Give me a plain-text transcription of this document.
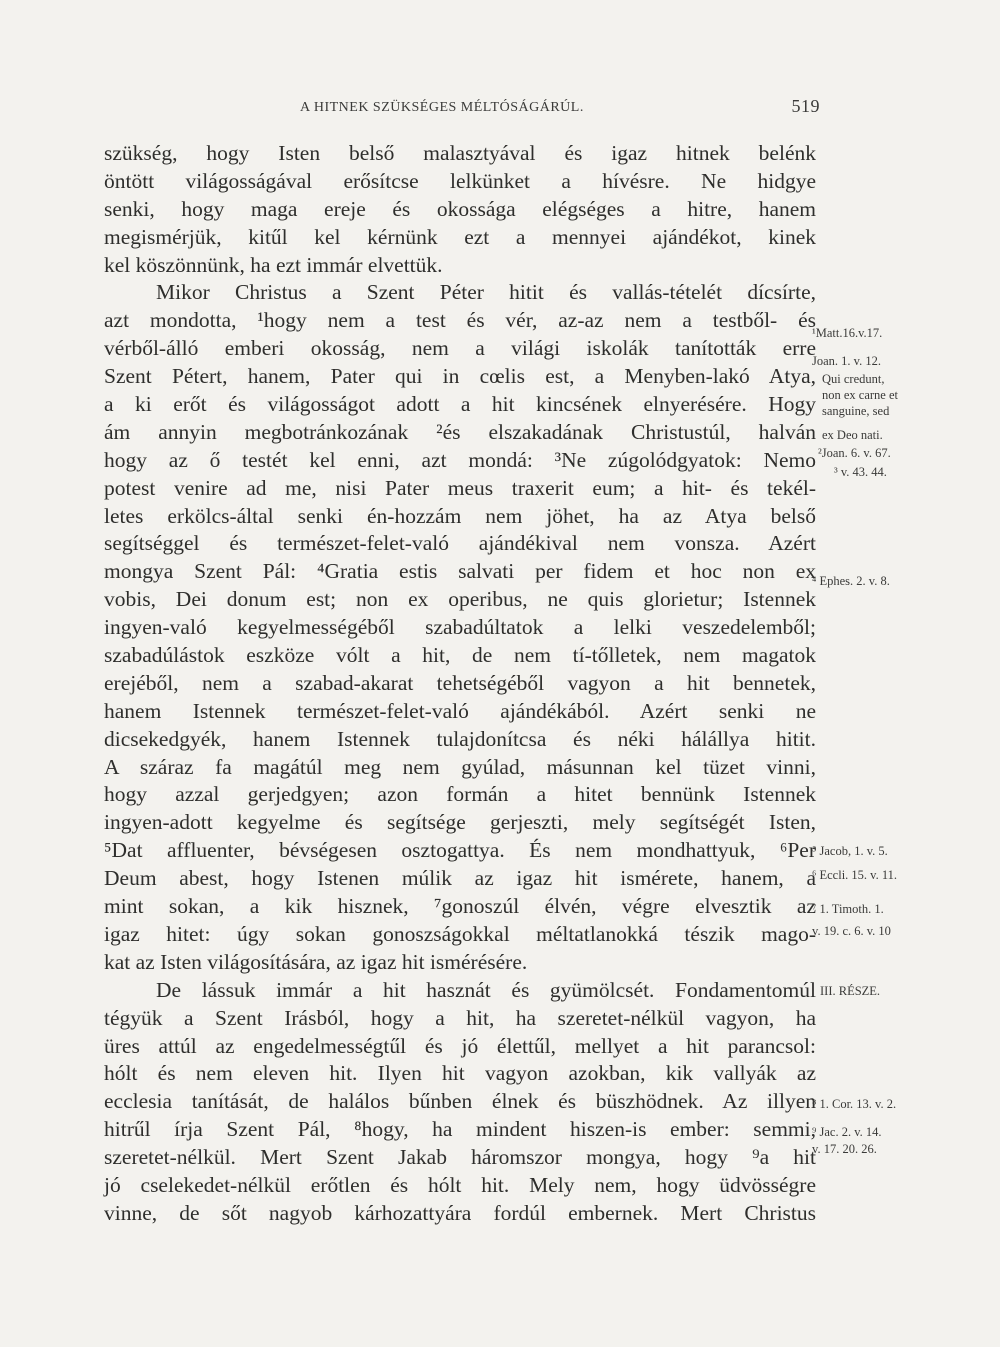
A HITNEK SZÜKSÉGES MÉLTÓSÁGÁRÚL.	519
szükség, hogy Isten belső malasztyával és igaz hitnek belénk
öntött világosságával erősítcse lelkünket a hívésre. Ne hidgye
senki, hogy maga ereje és okossága elégséges a hitre, hanem
megismérjük, kitűl kel kérnünk ezt a mennyei ajándékot, kinek
kel köszönnünk, ha ezt immár elvettük.
Mikor Christus a Szent Péter hitit és vallás-tételét dícsírte,
azt mondotta, ¹hogy nem a test és vér, az-az nem a testből- és
vérből-álló emberi okosság, nem a világi iskolák tanították erre
Szent Pétert, hanem, Pater qui in cœlis est, a Menyben-lakó Atya,
a ki erőt és világosságot adott a hit kincsének elnyerésére. Hogy
ám annyin megbotránkozának ²és elszakadának Christustúl, halván
hogy az ő testét kel enni, azt mondá: ³Ne zúgolódgyatok: Nemo
potest venire ad me, nisi Pater meus traxerit eum; a hit- és tekél-
letes erkölcs-által senki én-hozzám nem jöhet, ha az Atya belső
segítséggel és természet-felet-való ajándékival nem vonsza. Azért
mongya Szent Pál: ⁴Gratia estis salvati per fidem et hoc non ex
vobis, Dei donum est; non ex operibus, ne quis glorietur; Istennek
ingyen-való kegyelmességéből szabadúltatok a lelki veszedelemből;
szabadúlástok eszköze vólt a hit, de nem tí-tőlletek, nem magatok
erejéből, nem a szabad-akarat tehetségéből vagyon a hit bennetek,
hanem Istennek természet-felet-való ajándékából. Azért senki ne
dicsekedgyék, hanem Istennek tulajdonítcsa és néki hálállya hitit.
A száraz fa magátúl meg nem gyúlad, másunnan kel tüzet vinni,
hogy azzal gerjedgyen; azon formán a hitet bennünk Istennek
ingyen-adott kegyelme és segítsége gerjeszti, mely segítségét Isten,
⁵Dat affluenter, bévségesen osztogattya. És nem mondhattyuk, ⁶Per
Deum abest, hogy Istenen múlik az igaz hit ismérete, hanem, a
mint sokan, a kik hisznek, ⁷gonoszúl élvén, végre elvesztik az
igaz hitet: úgy sokan gonoszságokkal méltatlanokká tészik mago-
kat az Isten világosítására, az igaz hit ismérésére.
De lássuk immár a hit hasznát és gyümölcsét. Fondamentomúl
tégyük a Szent Irásból, hogy a hit, ha szeretet-nélkül vagyon, ha
üres attúl az engedelmességtűl és jó élettűl, mellyet a hit parancsol:
hólt és nem eleven hit. Ilyen hit vagyon azokban, kik vallyák az
ecclesia tanítását, de halálos bűnben élnek és büszhödnek. Az illyen
hitrűl írja Szent Pál, ⁸hogy, ha mindent hiszen-is ember: semmi,
szeretet-nélkül. Mert Szent Jakab háromszor mongya, hogy ⁹a hit
jó cselekedet-nélkül erőtlen és hólt hit. Mely nem, hogy üdvösségre
vinne, de sőt nagyob kárhozattyára fordúl embernek. Mert Christus
¹Matt.16.v.17.
Joan. 1. v. 12.
Qui credunt,
non ex carne et
sanguine, sed
ex Deo nati.
²Joan. 6. v. 67.
³ v. 43. 44.
⁴ Ephes. 2. v. 8.
⁵ Jacob, 1. v. 5.
⁶ Eccli. 15. v. 11.
⁷ 1. Timoth. 1.
v. 19. c. 6. v. 10
III. RÉSZE.
⁸ 1. Cor. 13. v. 2.
⁹ Jac. 2. v. 14.
v. 17. 20. 26.
